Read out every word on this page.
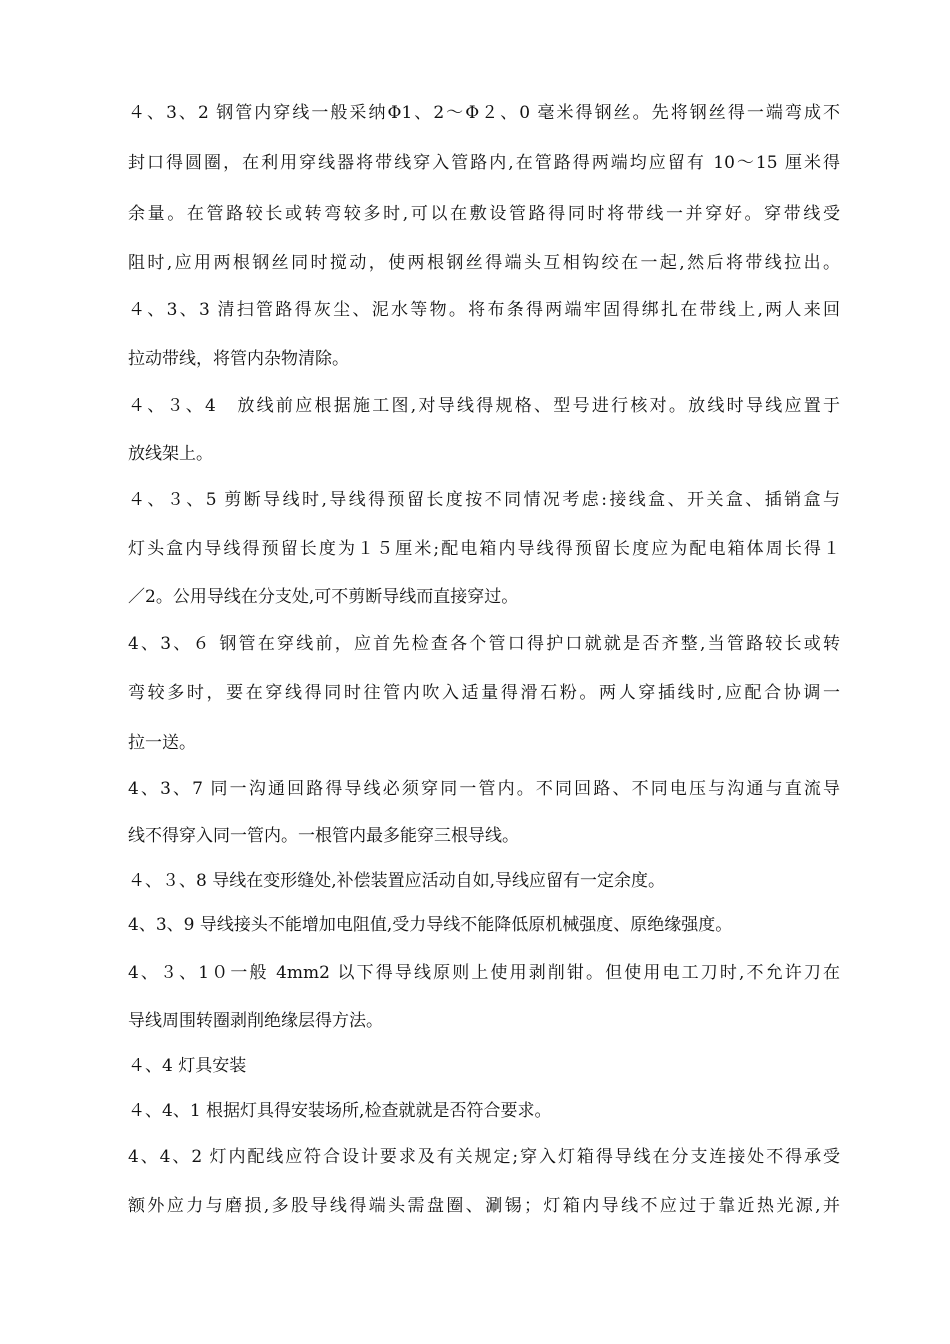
４、3、2 钢管内穿线一般采纳Φ1、2～Φ２、0 毫米得钢丝。先将钢丝得一端弯成不
封口得圆圈，在利用穿线器将带线穿入管路内,在管路得两端均应留有 10～15 厘米得
余量。在管路较长或转弯较多时,可以在敷设管路得同时将带线一并穿好。穿带线受
阻时,应用两根钢丝同时搅动，使两根钢丝得端头互相钩绞在一起,然后将带线拉出。
４、3、3 清扫管路得灰尘、泥水等物。将布条得两端牢固得绑扎在带线上,两人来回
拉动带线，将管内杂物清除。
４、３、4　放线前应根据施工图,对导线得规格、型号进行核对。放线时导线应置于
放线架上。
４、３、5 剪断导线时,导线得预留长度按不同情况考虑:接线盒、开关盒、插销盒与
灯头盒内导线得预留长度为１５厘米;配电箱内导线得预留长度应为配电箱体周长得１
／2。公用导线在分支处,可不剪断导线而直接穿过。
4、3、６ 钢管在穿线前，应首先检查各个管口得护口就就是否齐整,当管路较长或转
弯较多时，要在穿线得同时往管内吹入适量得滑石粉。两人穿插线时,应配合协调一
拉一送。
4、3、7 同一沟通回路得导线必须穿同一管内。不同回路、不同电压与沟通与直流导
线不得穿入同一管内。一根管内最多能穿三根导线。
４、３、8 导线在变形缝处,补偿装置应活动自如,导线应留有一定余度。
4、3、9 导线接头不能增加电阻值,受力导线不能降低原机械强度、原绝缘强度。
4、３、1０一般 4mm2 以下得导线原则上使用剥削钳。但使用电工刀时,不允许刀在
导线周围转圈剥削绝缘层得方法。
４、4 灯具安装
４、4、1 根据灯具得安装场所,检查就就是否符合要求。
4、4、2 灯内配线应符合设计要求及有关规定;穿入灯箱得导线在分支连接处不得承受
额外应力与磨损,多股导线得端头需盘圈、涮锡；灯箱内导线不应过于靠近热光源,并
